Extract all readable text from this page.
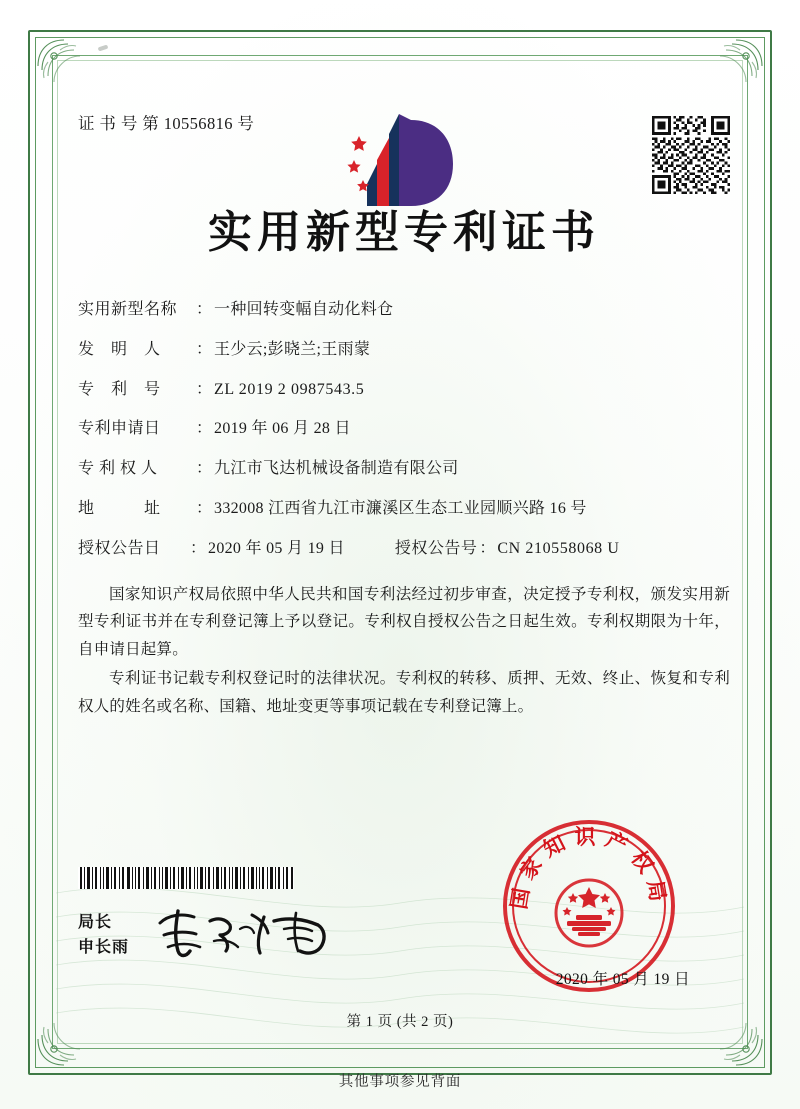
证 书 号 第 10556816 号
实用新型专利证书
实用新型名称	： 一种回转变幅自动化料仓
发　明　人	： 王少云;彭晓兰;王雨蒙
专　利　号	： ZL 2019 2 0987543.5
专利申请日	： 2019 年 06 月 28 日
专 利 权 人	： 九江市飞达机械设备制造有限公司
地　　　址	： 332008 江西省九江市濂溪区生态工业园顺兴路 16 号
授权公告日	： 2020 年 05 月 19 日	授权公告号 ： CN 210558068 U

国家知识产权局依照中华人民共和国专利法经过初步审查，决定授予专利权，颁发实用新型专利证书并在专利登记簿上予以登记。专利权自授权公告之日起生效。专利权期限为十年，自申请日起算。

专利证书记载专利权登记时的法律状况。专利权的转移、质押、无效、终止、恢复和专利权人的姓名或名称、国籍、地址变更等事项记载在专利登记簿上。

局长
申长雨
国家知识产权局
2020 年 05 月 19 日
第 1 页 (共 2 页)
其他事项参见背面
